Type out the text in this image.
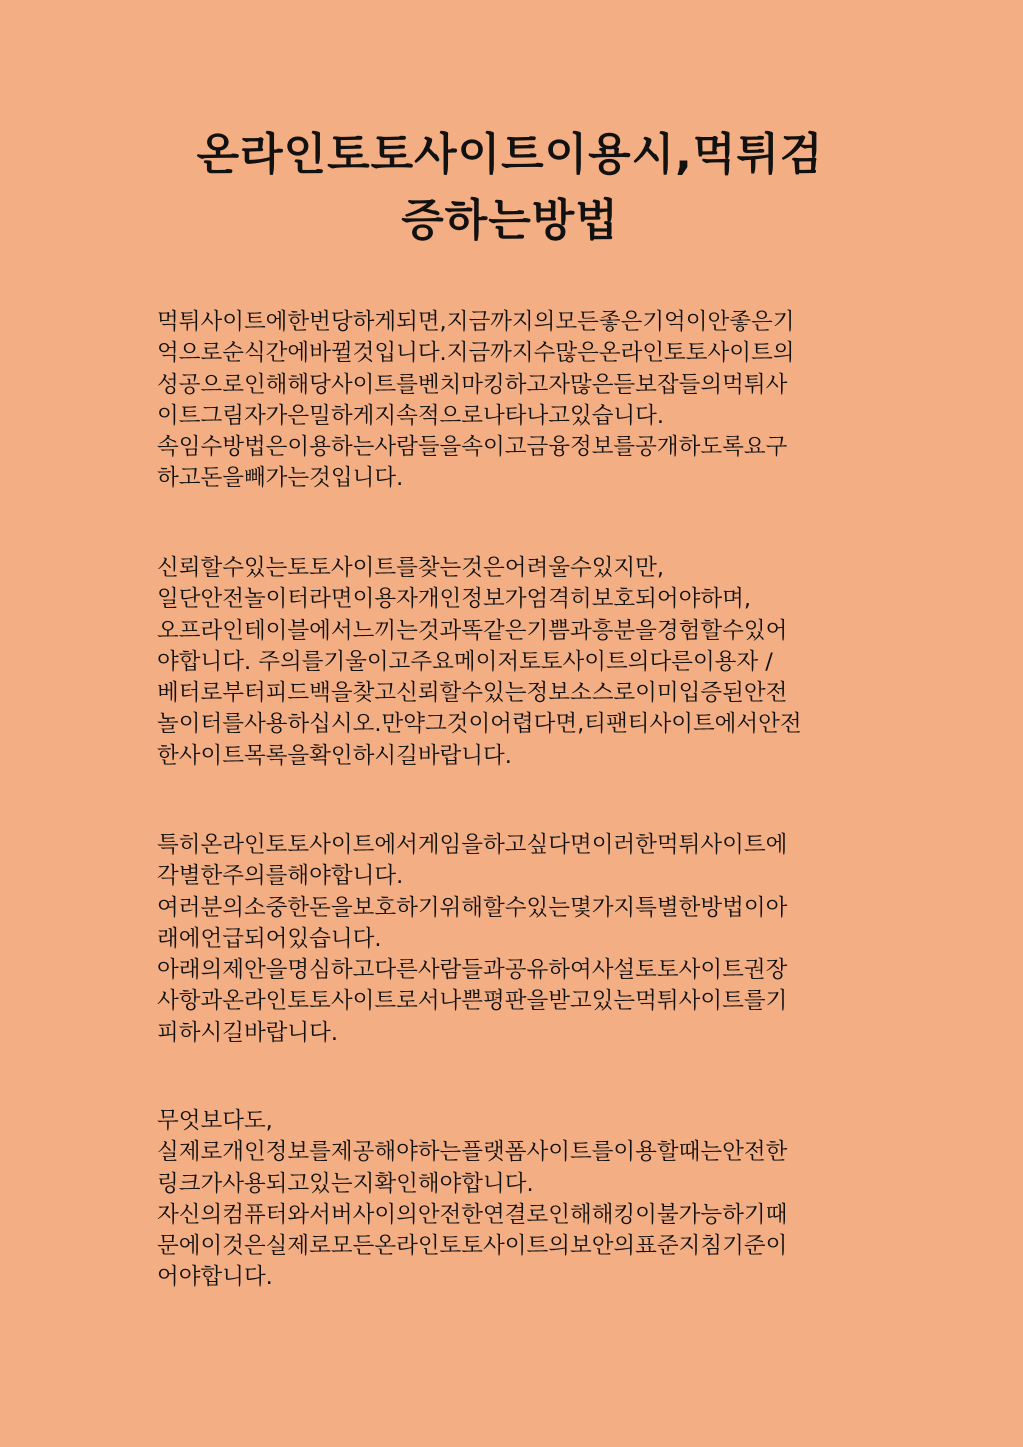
온라인토토사이트이용시,먹튀검
증하는방법
먹튀사이트에한번당하게되면,지금까지의모든좋은기억이안좋은기
억으로순식간에바뀔것입니다.지금까지수많은온라인토토사이트의
성공으로인해해당사이트를벤치마킹하고자많은듣보잡들의먹튀사
이트그림자가은밀하게지속적으로나타나고있습니다.
속임수방법은이용하는사람들을속이고금융정보를공개하도록요구
하고돈을빼가는것입니다.
신뢰할수있는토토사이트를찾는것은어려울수있지만,
일단안전놀이터라면이용자개인정보가엄격히보호되어야하며,
오프라인테이블에서느끼는것과똑같은기쁨과흥분을경험할수있어
야합니다. 주의를기울이고주요메이저토토사이트의다른이용자 /
베터로부터피드백을찾고신뢰할수있는정보소스로이미입증된안전
놀이터를사용하십시오.만약그것이어렵다면,티팬티사이트에서안전
한사이트목록을확인하시길바랍니다.
특히온라인토토사이트에서게임을하고싶다면이러한먹튀사이트에
각별한주의를해야합니다.
여러분의소중한돈을보호하기위해할수있는몇가지특별한방법이아
래에언급되어있습니다.
아래의제안을명심하고다른사람들과공유하여사설토토사이트권장
사항과온라인토토사이트로서나쁜평판을받고있는먹튀사이트를기
피하시길바랍니다.
무엇보다도,
실제로개인정보를제공해야하는플랫폼사이트를이용할때는안전한
링크가사용되고있는지확인해야합니다.
자신의컴퓨터와서버사이의안전한연결로인해해킹이불가능하기때
문에이것은실제로모든온라인토토사이트의보안의표준지침기준이
어야합니다.
